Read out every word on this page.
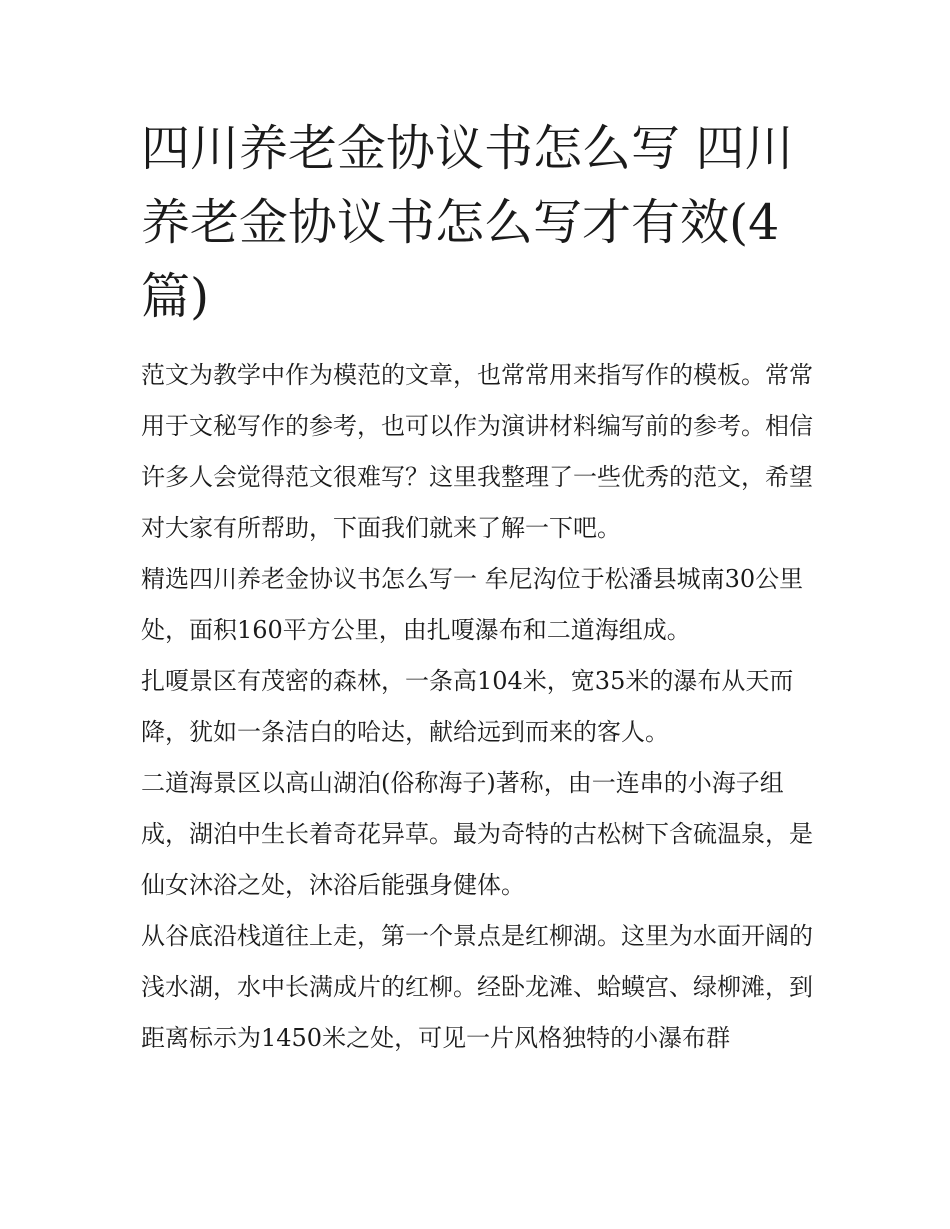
四川养老金协议书怎么写 四川养老金协议书怎么写才有效(4篇)

范文为教学中作为模范的文章，也常常用来指写作的模板。常常用于文秘写作的参考，也可以作为演讲材料编写前的参考。相信许多人会觉得范文很难写？这里我整理了一些优秀的范文，希望对大家有所帮助，下面我们就来了解一下吧。

精选四川养老金协议书怎么写一 牟尼沟位于松潘县城南30公里处，面积160平方公里，由扎嗄瀑布和二道海组成。

扎嗄景区有茂密的森林，一条高104米，宽35米的瀑布从天而降，犹如一条洁白的哈达，献给远到而来的客人。

二道海景区以高山湖泊(俗称海子)著称，由一连串的小海子组成，湖泊中生长着奇花异草。最为奇特的古松树下含硫温泉，是仙女沐浴之处，沐浴后能强身健体。

从谷底沿栈道往上走，第一个景点是红柳湖。这里为水面开阔的浅水湖，水中长满成片的红柳。经卧龙滩、蛤蟆宫、绿柳滩，到距离标示为1450米之处，可见一片风格独特的小瀑布群
